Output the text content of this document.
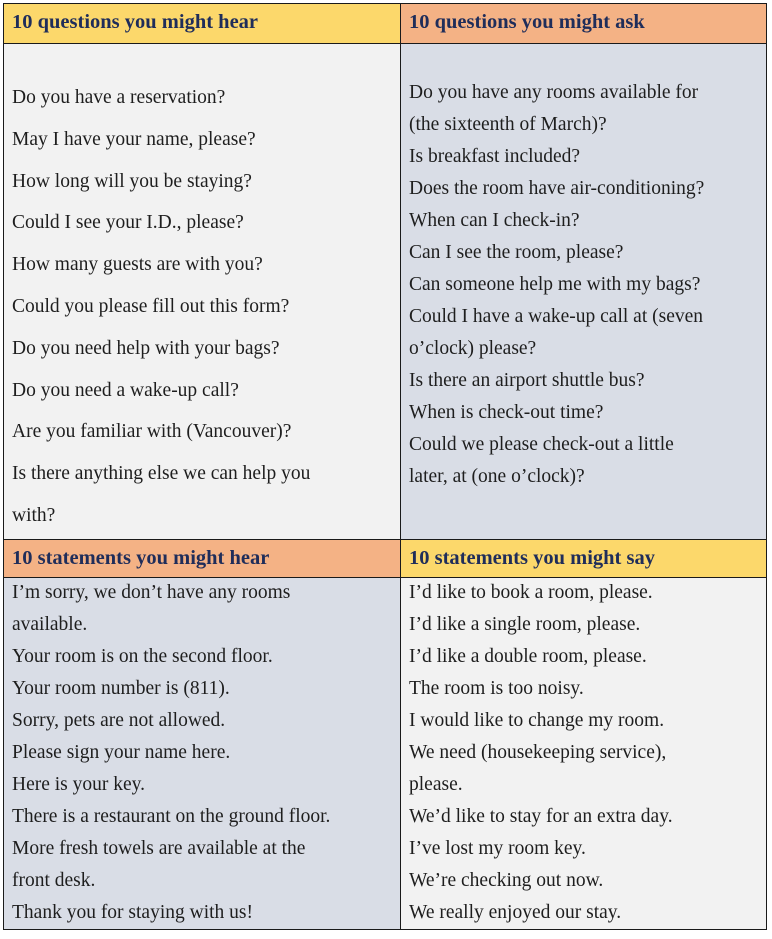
10 questions you might hear	10 questions you might ask
Do you have a reservation?
May I have your name, please?
How long will you be staying?
Could I see your I.D., please?
How many guests are with you?
Could you please fill out this form?
Do you need help with your bags?
Do you need a wake-up call?
Are you familiar with (Vancouver)?
Is there anything else we can help you
with?
Do you have any rooms available for
(the sixteenth of March)?
Is breakfast included?
Does the room have air-conditioning?
When can I check-in?
Can I see the room, please?
Can someone help me with my bags?
Could I have a wake-up call at (seven
o’clock) please?
Is there an airport shuttle bus?
When is check-out time?
Could we please check-out a little
later, at (one o’clock)?
10 statements you might hear	10 statements you might say
I’m sorry, we don’t have any rooms
available.
Your room is on the second floor.
Your room number is (811).
Sorry, pets are not allowed.
Please sign your name here.
Here is your key.
There is a restaurant on the ground floor.
More fresh towels are available at the
front desk.
Thank you for staying with us!
I’d like to book a room, please.
I’d like a single room, please.
I’d like a double room, please.
The room is too noisy.
I would like to change my room.
We need (housekeeping service),
please.
We’d like to stay for an extra day.
I’ve lost my room key.
We’re checking out now.
We really enjoyed our stay.
